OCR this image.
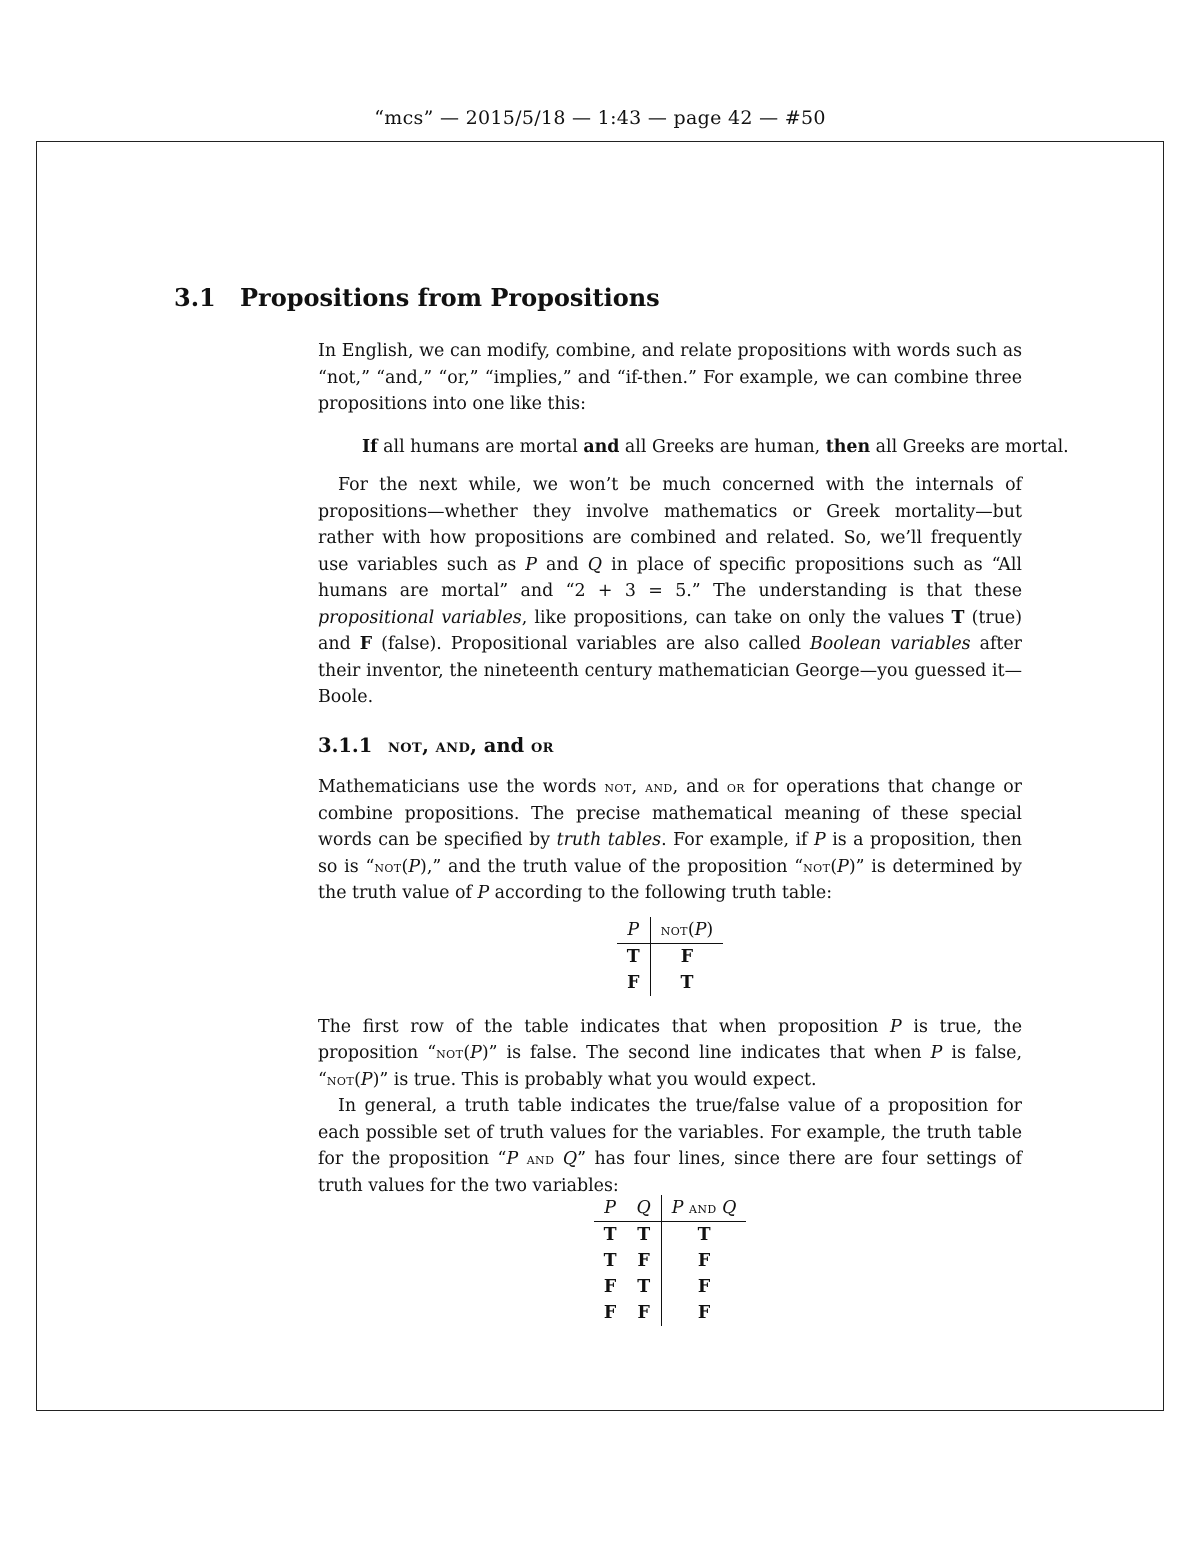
“mcs” — 2015/5/18 — 1:43 — page 42 — #50
3.1 Propositions from Propositions

In English, we can modify, combine, and relate propositions with words such as “not,” “and,” “or,” “implies,” and “if-then.” For example, we can combine three propositions into one like this:

If all humans are mortal and all Greeks are human, then all Greeks are mortal.

For the next while, we won’t be much concerned with the internals of propositions—whether they involve mathematics or Greek mortality—but rather with how propositions are combined and related. So, we’ll frequently use variables such as P and Q in place of specific propositions such as “All humans are mortal” and “2 + 3 = 5.” The understanding is that these propositional variables, like propositions, can take on only the values T (true) and F (false). Propositional variables are also called Boolean variables after their inventor, the nineteenth century mathematician George—you guessed it—Boole.

3.1.1 not, and, and or

Mathematicians use the words not, and, and or for operations that change or combine propositions. The precise mathematical meaning of these special words can be specified by truth tables. For example, if P is a proposition, then so is “not(P),” and the truth value of the proposition “not(P)” is determined by the truth value of P according to the following truth table:

P	not(P)
T	F
F	T

The first row of the table indicates that when proposition P is true, the proposition “not(P)” is false. The second line indicates that when P is false, “not(P)” is true. This is probably what you would expect.

In general, a truth table indicates the true/false value of a proposition for each possible set of truth values for the variables. For example, the truth table for the proposition “P and Q” has four lines, since there are four settings of truth values for the two variables:

P	Q	P and Q
T	T	T
T	F	F
F	T	F
F	F	F
